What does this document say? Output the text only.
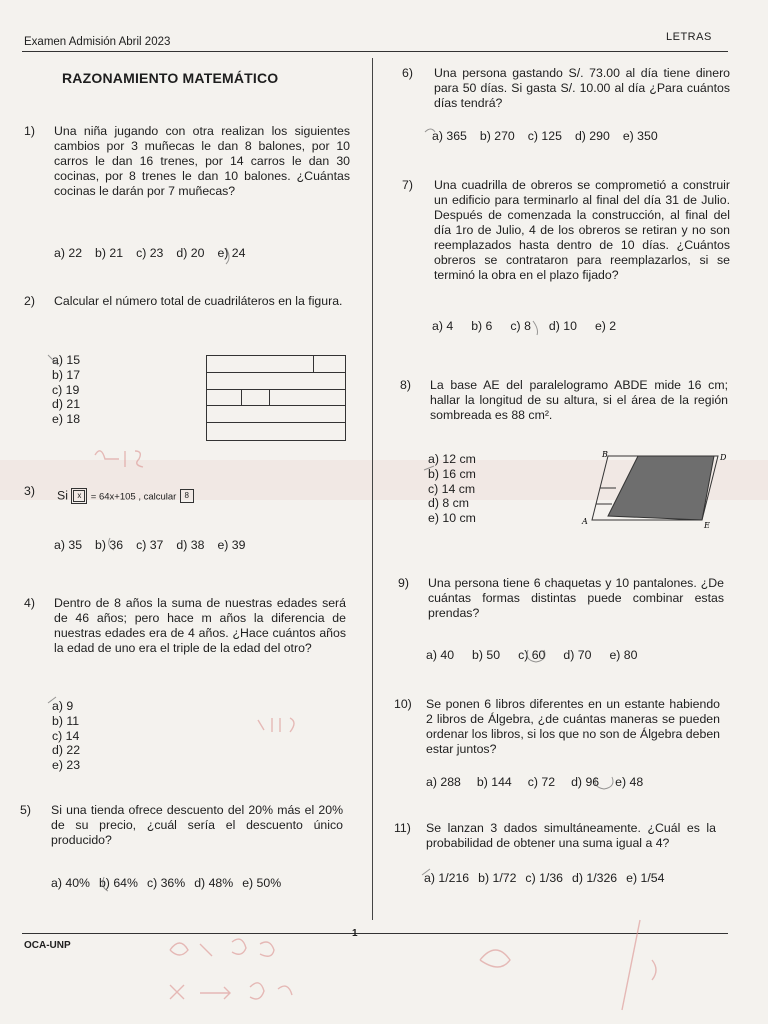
Examen Admisión Abril 2023	LETRAS
RAZONAMIENTO MATEMÁTICO
1) Una niña jugando con otra realizan los siguientes cambios por 3 muñecas le dan 8 balones, por 10 carros le dan 16 trenes, por 14 carros le dan 30 cocinas, por 8 trenes le dan 10 balones. ¿Cuántas cocinas le darán por 7 muñecas?
a) 22 b) 21 c) 23 d) 20 e) 24
2) Calcular el número total de cuadriláteros en la figura.
a) 15
b) 17
c) 19
d) 21
e) 18
3) Si x = 64x+105 , calcular 8
a) 35 b) 36 c) 37 d) 38 e) 39
4) Dentro de 8 años la suma de nuestras edades será de 46 años; pero hace m años la diferencia de nuestras edades era de 4 años. ¿Hace cuántos años la edad de uno era el triple de la edad del otro?
a) 9
b) 11
c) 14
d) 22
e) 23
5) Si una tienda ofrece descuento del 20% más el 20% de su precio, ¿cuál sería el descuento único producido?
a) 40% b) 64% c) 36% d) 48% e) 50%
6) Una persona gastando S/. 73.00 al día tiene dinero para 50 días. Si gasta S/. 10.00 al día ¿Para cuántos días tendrá?
a) 365 b) 270 c) 125 d) 290 e) 350
7) Una cuadrilla de obreros se comprometió a construir un edificio para terminarlo al final del día 31 de Julio. Después de comenzada la construcción, al final del día 1ro de Julio, 4 de los obreros se retiran y no son reemplazados hasta dentro de 10 días. ¿Cuántos obreros se contrataron para reemplazarlos, si se terminó la obra en el plazo fijado?
a) 4 b) 6 c) 8 d) 10 e) 2
8) La base AE del paralelogramo ABDE mide 16 cm; hallar la longitud de su altura, si el área de la región sombreada es 88 cm².
a) 12 cm
b) 16 cm
c) 14 cm
d) 8 cm
e) 10 cm
B	D
A	E
9) Una persona tiene 6 chaquetas y 10 pantalones. ¿De cuántas formas distintas puede combinar estas prendas?
a) 40 b) 50 c) 60 d) 70 e) 80
10) Se ponen 6 libros diferentes en un estante habiendo 2 libros de Álgebra, ¿de cuántas maneras se pueden ordenar los libros, si los que no son de Álgebra deben estar juntos?
a) 288 b) 144 c) 72 d) 96 e) 48
11) Se lanzan 3 dados simultáneamente. ¿Cuál es la probabilidad de obtener una suma igual a 4?
a) 1/216 b) 1/72 c) 1/36 d) 1/326 e) 1/54
OCA-UNP
1
